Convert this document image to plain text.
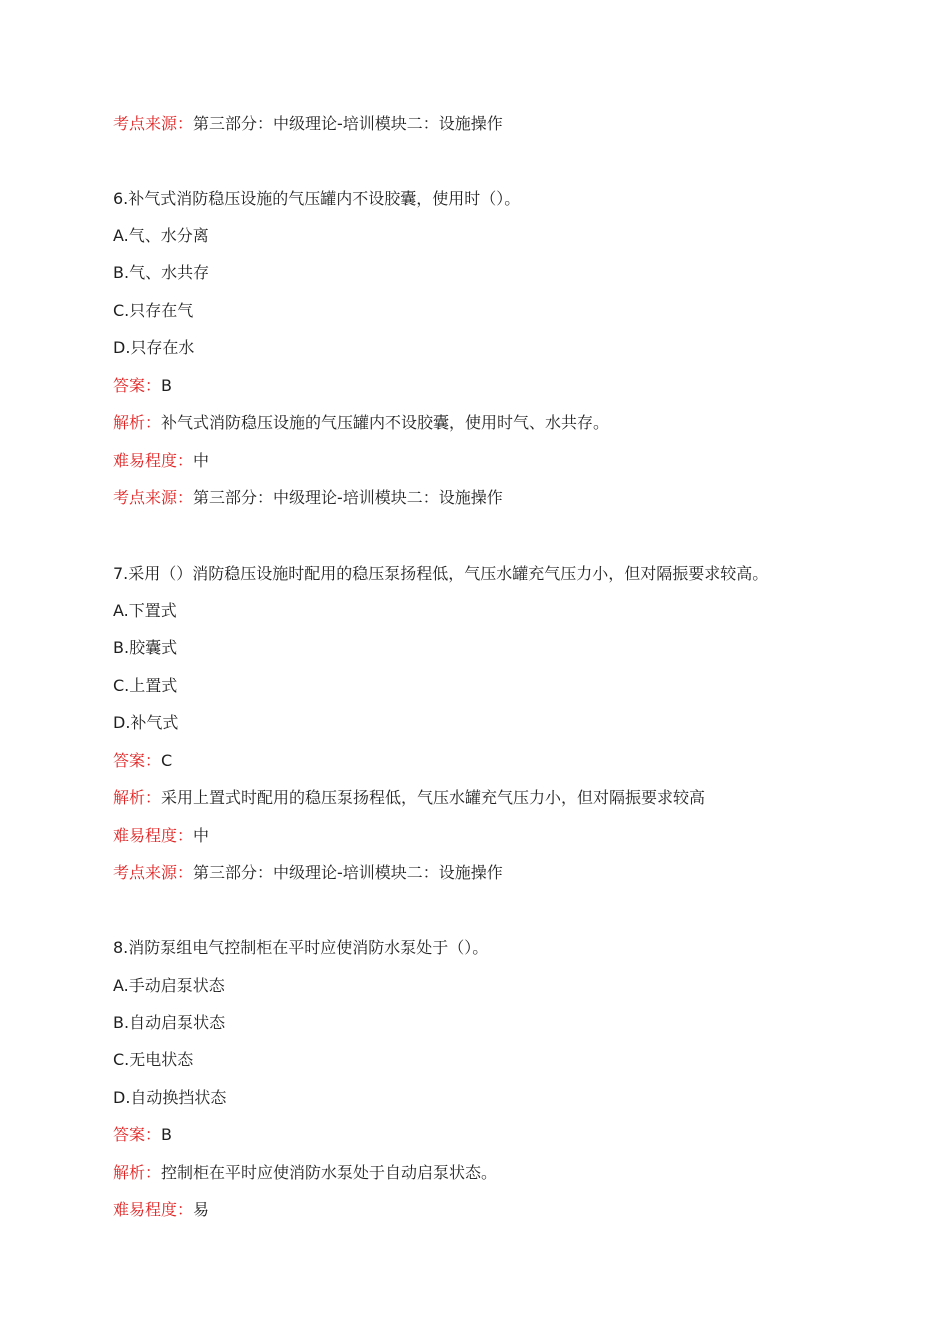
考点来源：第三部分：中级理论-培训模块二：设施操作
6.补气式消防稳压设施的气压罐内不设胶囊，使用时（）。
A.气、水分离
B.气、水共存
C.只存在气
D.只存在水
答案：B
解析：补气式消防稳压设施的气压罐内不设胶囊，使用时气、水共存。
难易程度：中
考点来源：第三部分：中级理论-培训模块二：设施操作
7.采用（）消防稳压设施时配用的稳压泵扬程低，气压水罐充气压力小，但对隔振要求较高。
A.下置式
B.胶囊式
C.上置式
D.补气式
答案：C
解析：采用上置式时配用的稳压泵扬程低，气压水罐充气压力小，但对隔振要求较高
难易程度：中
考点来源：第三部分：中级理论-培训模块二：设施操作
8.消防泵组电气控制柜在平时应使消防水泵处于（）。
A.手动启泵状态
B.自动启泵状态
C.无电状态
D.自动换挡状态
答案：B
解析：控制柜在平时应使消防水泵处于自动启泵状态。
难易程度：易
